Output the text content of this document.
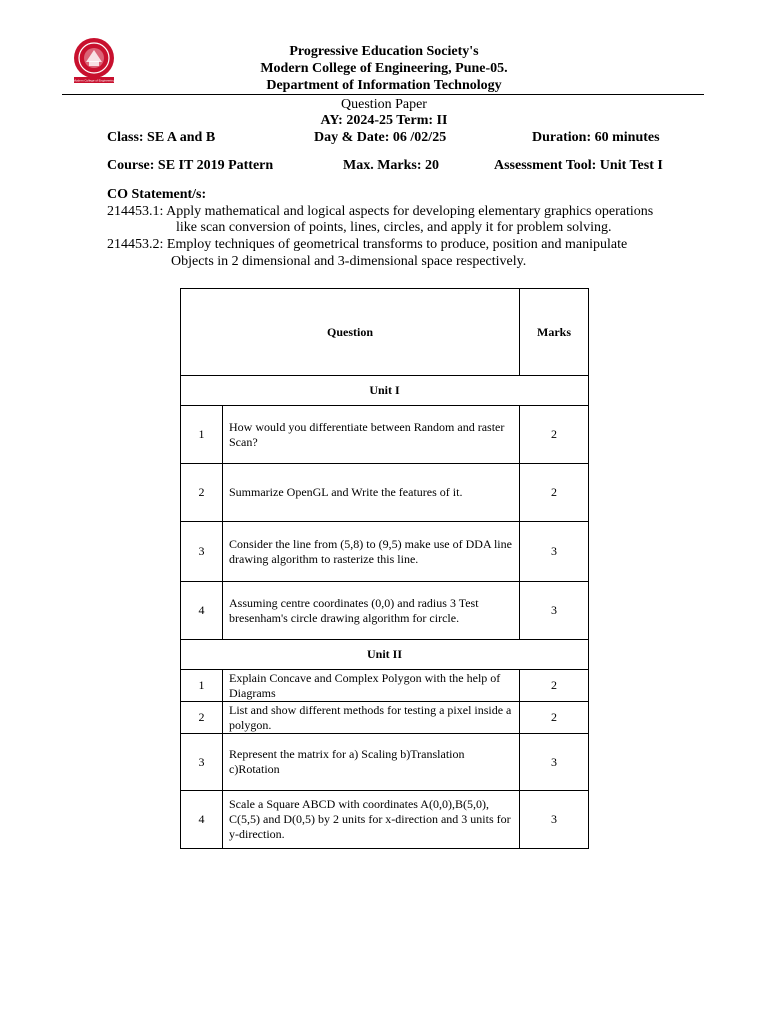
Modern College of Engineering
Progressive Education Society's
Modern College of Engineering, Pune-05.
Department of Information Technology
Question Paper
AY: 2024-25 Term: II
Class: SE A and B	Day & Date: 06 /02/25	Duration: 60 minutes
Course: SE IT 2019 Pattern	Max. Marks: 20	Assessment Tool: Unit Test I
CO Statement/s:
214453.1: Apply mathematical and logical aspects for developing elementary graphics operations
like scan conversion of points, lines, circles, and apply it for problem solving.
214453.2: Employ techniques of geometrical transforms to produce, position and manipulate
Objects in 2 dimensional and 3-dimensional space respectively.
Question		Marks
Unit I		
1	How would you differentiate between Random and raster Scan?	2
2	Summarize OpenGL and Write the features of it.	2
3	Consider the line from (5,8) to (9,5) make use of DDA line drawing algorithm to rasterize this line.	3
4	Assuming centre coordinates (0,0) and radius 3 Test bresenham's circle drawing algorithm for circle.	3
Unit II		
1	Explain Concave and Complex Polygon with the help of Diagrams	2
2	List and show different methods for testing a pixel inside a polygon.	2
3	Represent the matrix for a) Scaling b)Translation c)Rotation	3
4	Scale a Square ABCD with coordinates A(0,0),B(5,0), C(5,5) and D(0,5) by 2 units for x-direction and 3 units for y-direction.	3
